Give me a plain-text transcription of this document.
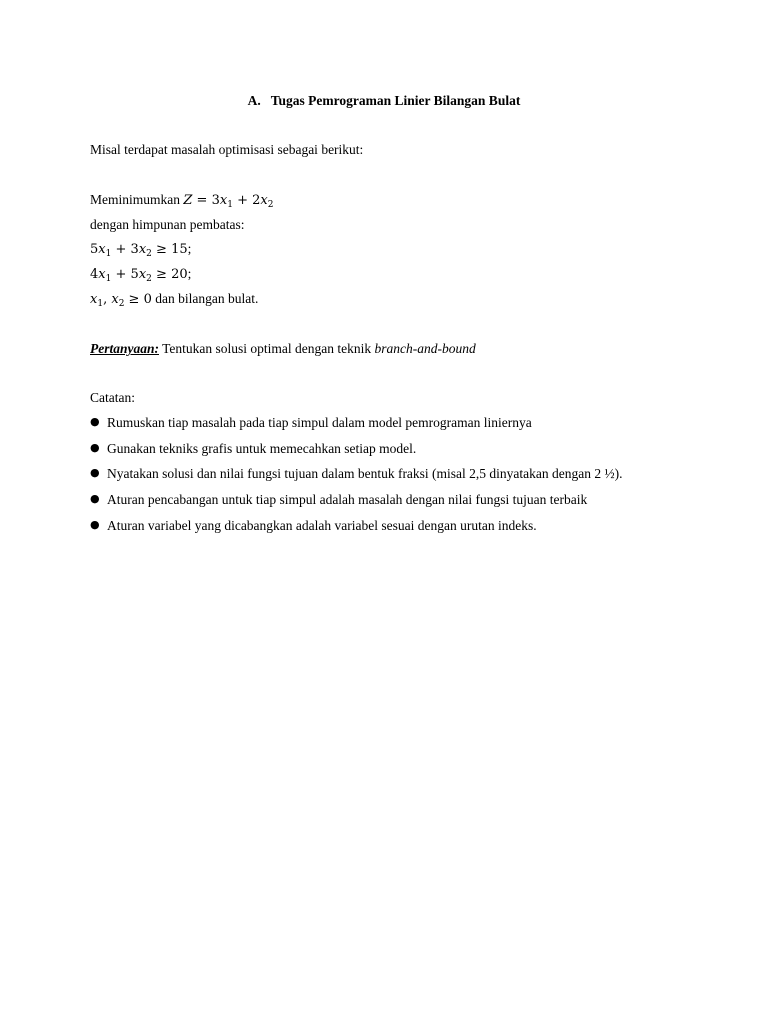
A. Tugas Pemrograman Linier Bilangan Bulat
Misal terdapat masalah optimisasi sebagai berikut:
Meminimumkan $Z = 3x_1 + 2x_2$
dengan himpunan pembatas:
$5x_1 + 3x_2 \ge 15$;
$4x_1 + 5x_2 \ge 20$;
$x_1$, $x_2 \ge 0$ dan bilangan bulat.
Pertanyaan: Tentukan solusi optimal dengan teknik branch-and-bound
Catatan:
● Rumuskan tiap masalah pada tiap simpul dalam model pemrograman liniernya
● Gunakan tekniks grafis untuk memecahkan setiap model.
● Nyatakan solusi dan nilai fungsi tujuan dalam bentuk fraksi (misal 2,5 dinyatakan dengan 2 ½).
● Aturan pencabangan untuk tiap simpul adalah masalah dengan nilai fungsi tujuan terbaik
● Aturan variabel yang dicabangkan adalah variabel sesuai dengan urutan indeks.
